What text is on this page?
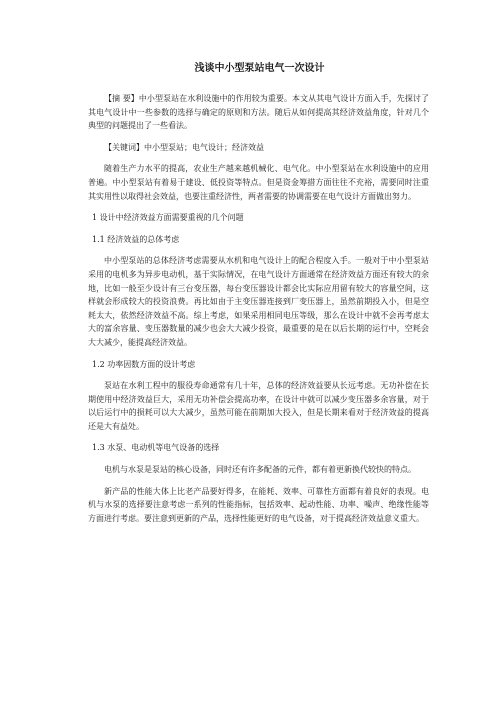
浅谈中小型泵站电气一次设计

【摘 要】中小型泵站在水利设施中的作用较为重要。本文从其电气设计方面入手，先探讨了其电气设计中一些参数的选择与确定的原则和方法。随后从如何提高其经济效益角度，针对几个典型的问题提出了一些看法。

【关键词】中小型泵站；电气设计；经济效益

随着生产力水平的提高，农业生产越来越机械化、电气化。中小型泵站在水利设施中的应用普遍。中小型泵站有着易于建设、低投资等特点。但是资金筹措方面往往不充裕，需要同时注重其实用性以取得社会效益，也要注重经济性，两者需要的协调需要在电气设计方面做出努力。

1 设计中经济效益方面需要重视的几个问题

1.1 经济效益的总体考虑

中小型泵站的总体经济考虑需要从水机和电气设计上的配合程度入手。一般对于中小型泵站采用的电机多为异步电动机，基于实际情况，在电气设计方面通常在经济效益方面还有较大的余地，比如一般至少设计有三台变压器，每台变压器设计都会比实际应用留有较大的容量空间，这样就会形成较大的投资浪费。再比如由于主变压器连接到厂变压器上，虽然前期投入小，但是空耗太大，依然经济效益不高。综上考虑，如果采用相同电压等级，那么在设计中就不会再考虑太大的富余容量、变压器数量的减少也会大大减少投资，最重要的是在以后长期的运行中，空耗会大大减少，能提高经济效益。

1.2 功率因数方面的设计考虑

泵站在水利工程中的服役寿命通常有几十年，总体的经济效益要从长远考虑。无功补偿在长期使用中经济效益巨大，采用无功补偿会提高功率，在设计中就可以减少变压器多余容量，对于以后运行中的损耗可以大大减少，虽然可能在前期加大投入，但是长期来看对于经济效益的提高还是大有益处。

1.3 水泵、电动机等电气设备的选择

电机与水泵是泵站的核心设备，同时还有许多配备的元件，都有着更新换代较快的特点。

新产品的性能大体上比老产品要好得多，在能耗、效率、可靠性方面都有着良好的表现。电机与水泵的选择要注意考虑一系列的性能指标，包括效率、起动性能、功率、噪声、绝缘性能等方面进行考虑。要注意到更新的产品，选择性能更好的电气设备，对于提高经济效益意义重大。
